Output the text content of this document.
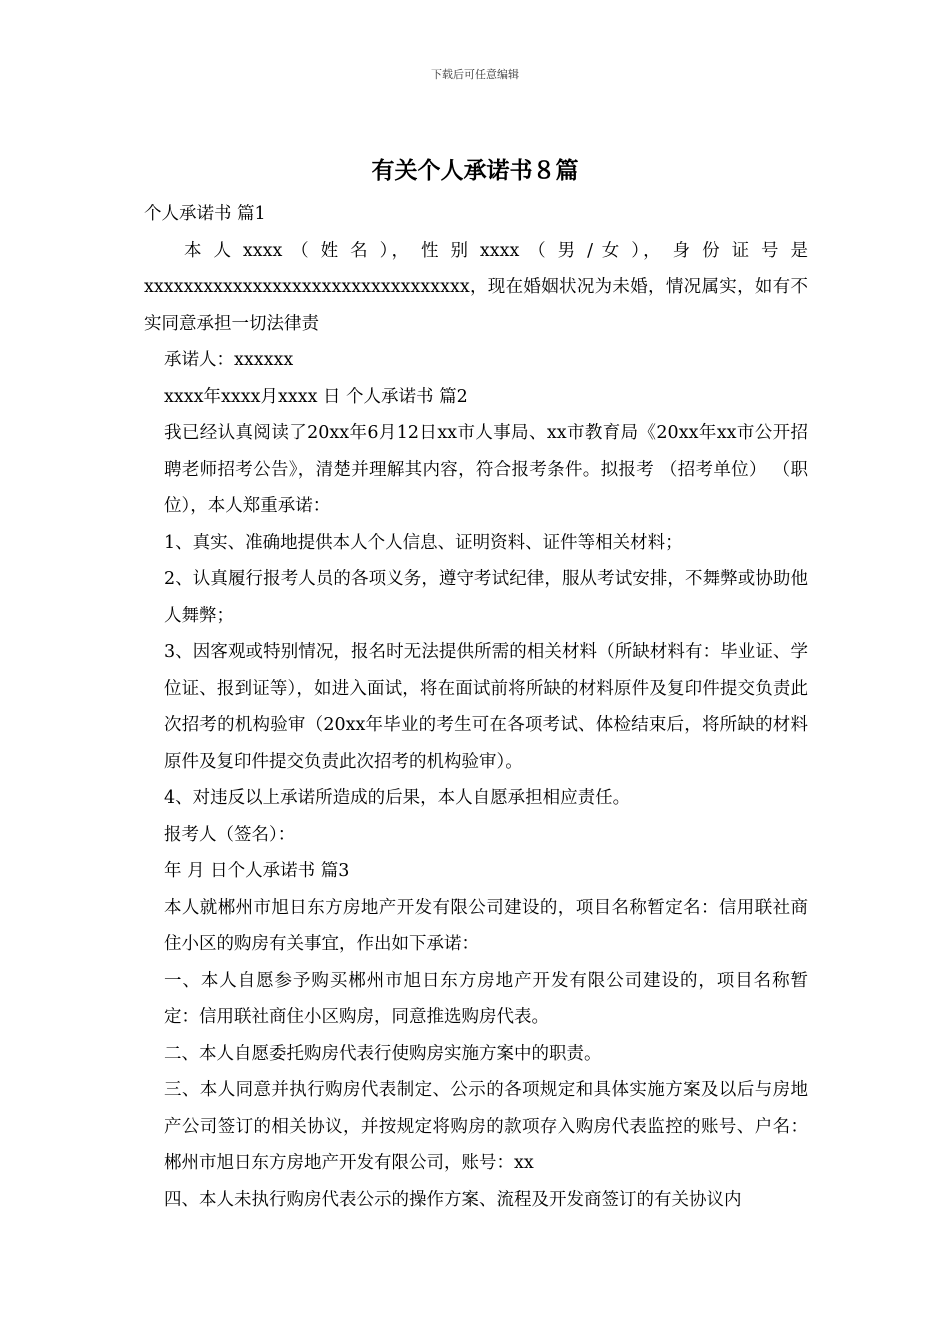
下载后可任意编辑
有关个人承诺书８篇

个人承诺书 篇1

本 人 xxxx （ 姓 名 ）， 性 别 xxxx （ 男 / 女 ）， 身 份 证 号 是

xxxxxxxxxxxxxxxxxxxxxxxxxxxxxxxxx，现在婚姻状况为未婚，情况属实，如有不实同意承担一切法律责

承诺人：xxxxxx

xxxx年xxxx月xxxx 日 个人承诺书 篇2

我已经认真阅读了20xx年6月12日xx市人事局、xx市教育局《20xx年xx市公开招聘老师招考公告》，清楚并理解其内容，符合报考条件。拟报考 （招考单位） （职位），本人郑重承诺：

1、真实、准确地提供本人个人信息、证明资料、证件等相关材料；

2、认真履行报考人员的各项义务，遵守考试纪律，服从考试安排，不舞弊或协助他人舞弊；

3、因客观或特别情况，报名时无法提供所需的相关材料（所缺材料有：毕业证、学位证、报到证等），如进入面试，将在面试前将所缺的材料原件及复印件提交负责此次招考的机构验审（20xx年毕业的考生可在各项考试、体检结束后，将所缺的材料原件及复印件提交负责此次招考的机构验审）。

4、对违反以上承诺所造成的后果，本人自愿承担相应责任。

报考人（签名）：

年 月 日个人承诺书 篇3

本人就郴州市旭日东方房地产开发有限公司建设的，项目名称暂定名：信用联社商住小区的购房有关事宜，作出如下承诺：

一、本人自愿参予购买郴州市旭日东方房地产开发有限公司建设的，项目名称暂定：信用联社商住小区购房，同意推选购房代表。

二、本人自愿委托购房代表行使购房实施方案中的职责。

三、本人同意并执行购房代表制定、公示的各项规定和具体实施方案及以后与房地产公司签订的相关协议，并按规定将购房的款项存入购房代表监控的账号、户名：郴州市旭日东方房地产开发有限公司，账号：xx

四、本人未执行购房代表公示的操作方案、流程及开发商签订的有关协议内
